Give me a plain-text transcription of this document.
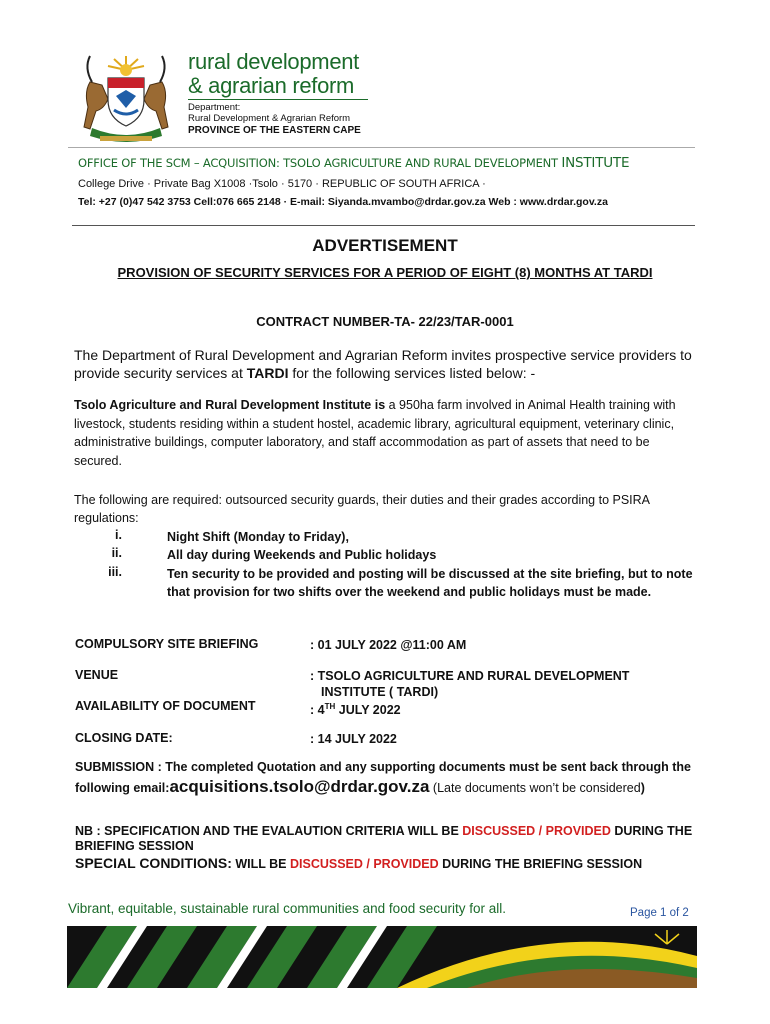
rural development
& agrarian reform
Department:
Rural Development & Agrarian Reform
PROVINCE OF THE EASTERN CAPE
OFFICE OF THE SCM – ACQUISITION: TSOLO AGRICULTURE AND RURAL DEVELOPMENT INSTITUTE
College Drive · Private Bag X1008 ·Tsolo · 5170 · REPUBLIC OF SOUTH AFRICA ·
Tel: +27 (0)47 542 3753 Cell:076 665 2148 · E-mail: Siyanda.mvambo@drdar.gov.za Web : www.drdar.gov.za
ADVERTISEMENT
PROVISION OF SECURITY SERVICES FOR A PERIOD OF EIGHT (8) MONTHS AT TARDI
CONTRACT NUMBER-TA- 22/23/TAR-0001
The Department of Rural Development and Agrarian Reform invites prospective service providers to provide security services at TARDI for the following services listed below: -
Tsolo Agriculture and Rural Development Institute is a 950ha farm involved in Animal Health training with livestock, students residing within a student hostel, academic library, agricultural equipment, veterinary clinic, administrative buildings, computer laboratory, and staff accommodation as part of assets that need to be secured.
The following are required: outsourced security guards, their duties and their grades according to PSIRA regulations:
i.	Night Shift (Monday to Friday),
ii.	All day during Weekends and Public holidays
iii.	Ten security to be provided and posting will be discussed at the site briefing, but to note that provision for two shifts over the weekend and public holidays must be made.
COMPULSORY SITE BRIEFING	: 01 JULY 2022 @11:00 AM
VENUE	: TSOLO AGRICULTURE AND RURAL DEVELOPMENT
INSTITUTE ( TARDI)
AVAILABILITY OF DOCUMENT	: 4TH JULY 2022
CLOSING DATE:	: 14 JULY 2022
SUBMISSION : The completed Quotation and any supporting documents must be sent back through the following email:acquisitions.tsolo@drdar.gov.za (Late documents won’t be considered)
NB : SPECIFICATION AND THE EVALAUTION CRITERIA WILL BE DISCUSSED / PROVIDED DURING THE BRIEFING SESSION
SPECIAL CONDITIONS: WILL BE DISCUSSED / PROVIDED DURING THE BRIEFING SESSION
Vibrant, equitable, sustainable rural communities and food security for all.	Page 1 of 2
